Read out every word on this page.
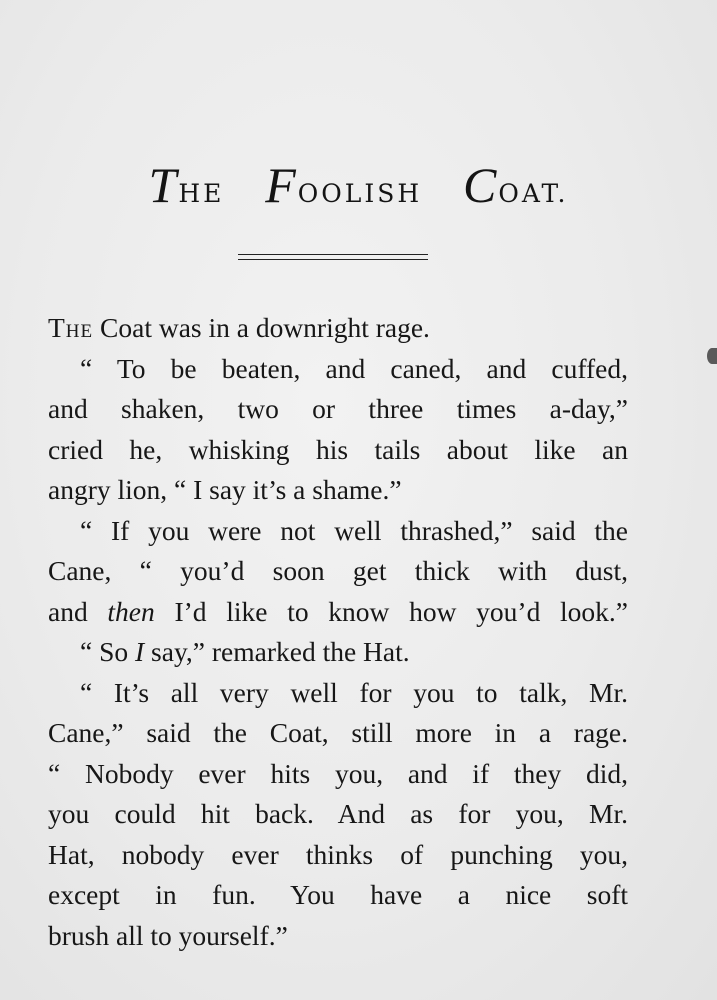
THE FOOLISH COAT.
The Coat was in a downright rage.
“ To be beaten, and caned, and cuffed,
and shaken, two or three times a-day,”
cried he, whisking his tails about like an
angry lion, “ I say it’s a shame.”
“ If you were not well thrashed,” said the
Cane, “ you’d soon get thick with dust,
and then I’d like to know how you’d look.”
“ So I say,” remarked the Hat.
“ It’s all very well for you to talk, Mr.
Cane,” said the Coat, still more in a rage.
“ Nobody ever hits you, and if they did,
you could hit back. And as for you, Mr.
Hat, nobody ever thinks of punching you,
except in fun. You have a nice soft
brush all to yourself.”
